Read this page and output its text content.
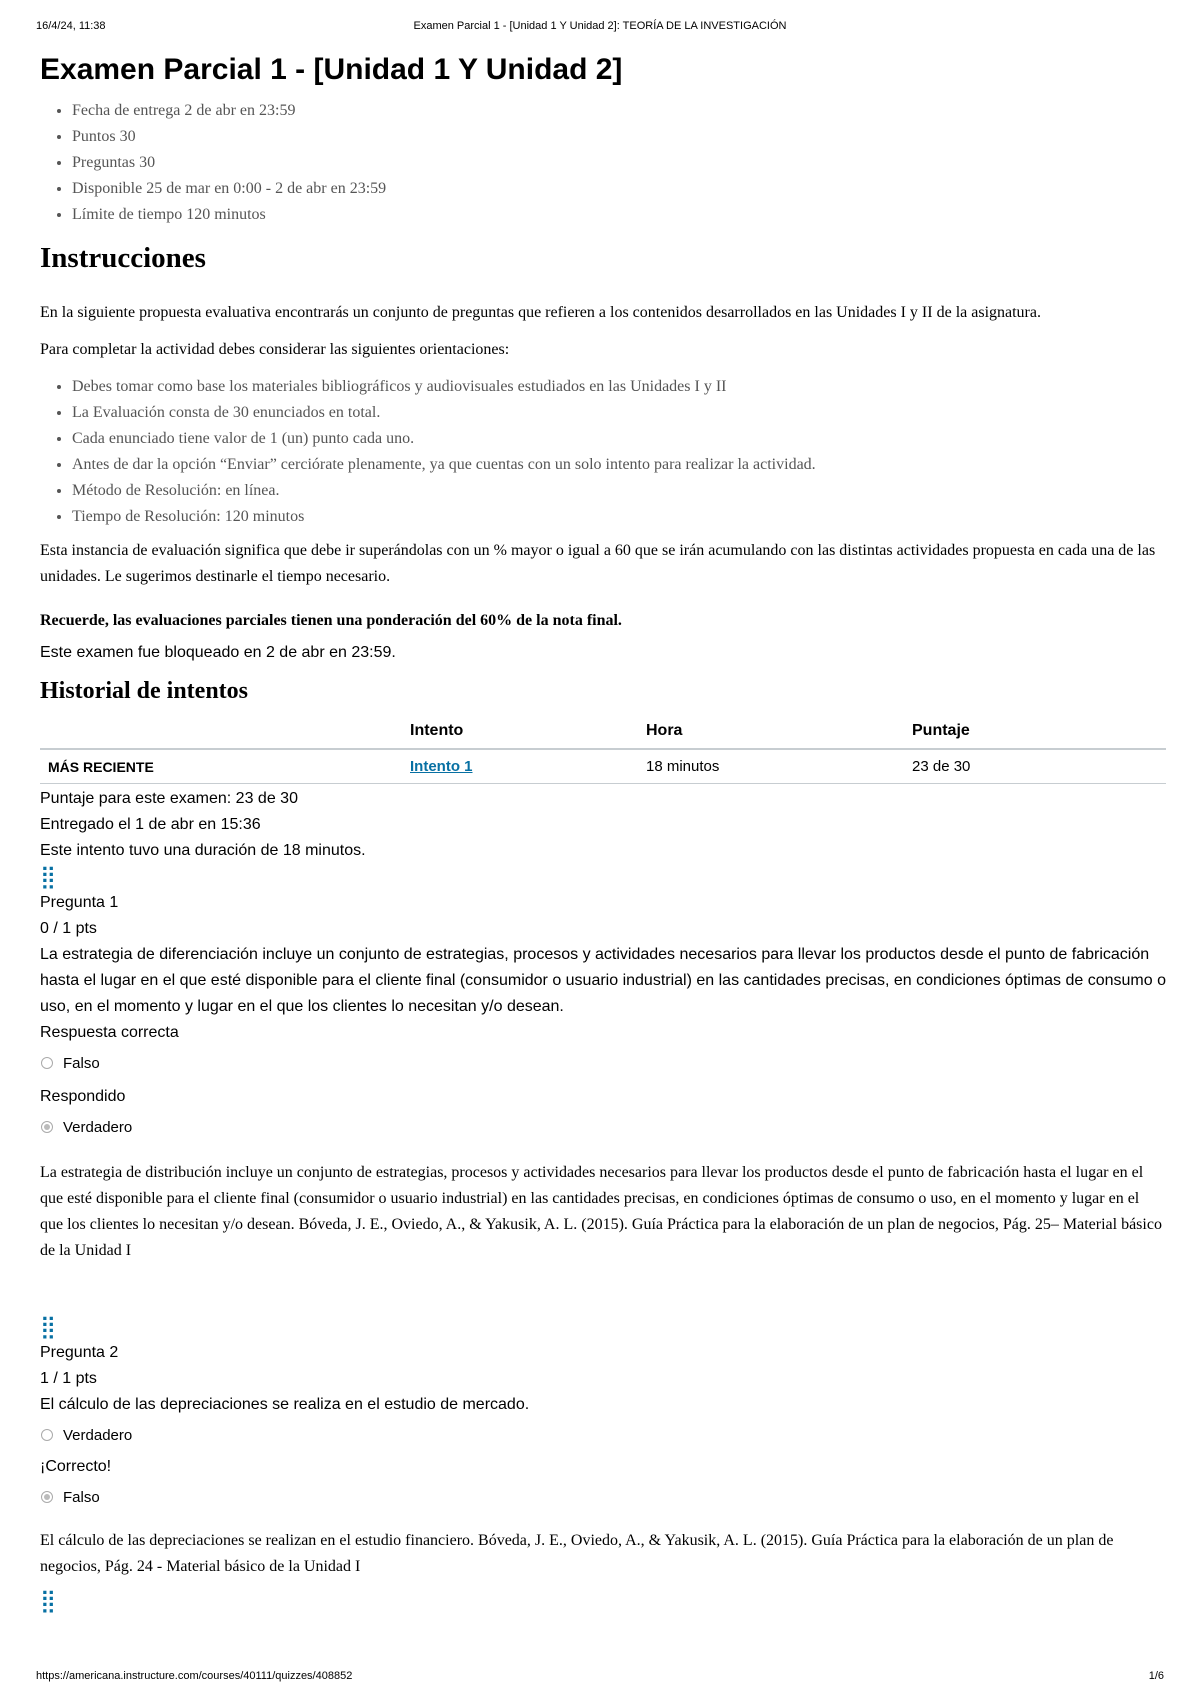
16/4/24, 11:38	Examen Parcial 1 - [Unidad 1 Y Unidad 2]: TEORÍA DE LA INVESTIGACIÓN
Examen Parcial 1 - [Unidad 1 Y Unidad 2]
• Fecha de entrega 2 de abr en 23:59
• Puntos 30
• Preguntas 30
• Disponible 25 de mar en 0:00 - 2 de abr en 23:59
• Límite de tiempo 120 minutos
Instrucciones

En la siguiente propuesta evaluativa encontrarás un conjunto de preguntas que refieren a los contenidos desarrollados en las Unidades I y II de la asignatura.

Para completar la actividad debes considerar las siguientes orientaciones:

• Debes tomar como base los materiales bibliográficos y audiovisuales estudiados en las Unidades I y II
• La Evaluación consta de 30 enunciados en total.
• Cada enunciado tiene valor de 1 (un) punto cada uno.
• Antes de dar la opción “Enviar” cerciórate plenamente, ya que cuentas con un solo intento para realizar la actividad.
• Método de Resolución: en línea.
• Tiempo de Resolución: 120 minutos

Esta instancia de evaluación significa que debe ir superándolas con un % mayor o igual a 60 que se irán acumulando con las distintas actividades propuesta en cada una de las unidades. Le sugerimos destinarle el tiempo necesario.

Recuerde, las evaluaciones parciales tienen una ponderación del 60% de la nota final.

Este examen fue bloqueado en 2 de abr en 23:59.

Historial de intentos
	Intento	Hora	Puntaje
MÁS RECIENTE	Intento 1	18 minutos	23 de 30

Puntaje para este examen: 23 de 30

Entregado el 1 de abr en 15:36

Este intento tuvo una duración de 18 minutos.

⣿

Pregunta 1

0 / 1 pts

La estrategia de diferenciación incluye un conjunto de estrategias, procesos y actividades necesarios para llevar los productos desde el punto de fabricación hasta el lugar en el que esté disponible para el cliente final (consumidor o usuario industrial) en las cantidades precisas, en condiciones óptimas de consumo o uso, en el momento y lugar en el que los clientes lo necesitan y/o desean.

Respuesta correcta

Falso

Respondido

Verdadero

La estrategia de distribución incluye un conjunto de estrategias, procesos y actividades necesarios para llevar los productos desde el punto de fabricación hasta el lugar en el que esté disponible para el cliente final (consumidor o usuario industrial) en las cantidades precisas, en condiciones óptimas de consumo o uso, en el momento y lugar en el que los clientes lo necesitan y/o desean. Bóveda, J. E., Oviedo, A., & Yakusik, A. L. (2015). Guía Práctica para la elaboración de un plan de negocios, Pág. 25– Material básico de la Unidad I

⣿

Pregunta 2

1 / 1 pts

El cálculo de las depreciaciones se realiza en el estudio de mercado.

Verdadero

¡Correcto!

Falso

El cálculo de las depreciaciones se realizan en el estudio financiero. Bóveda, J. E., Oviedo, A., & Yakusik, A. L. (2015). Guía Práctica para la elaboración de un plan de negocios, Pág. 24 - Material básico de la Unidad I

⣿
https://americana.instructure.com/courses/40111/quizzes/408852	1/6
